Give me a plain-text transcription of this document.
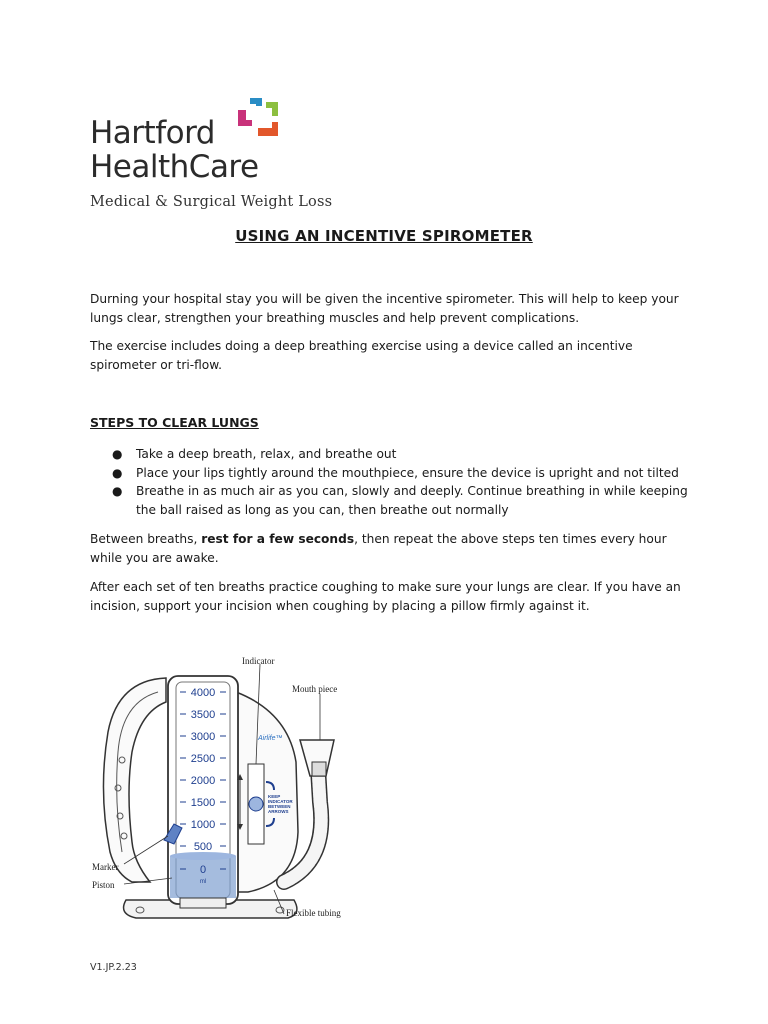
Hartford
HealthCare
Medical & Surgical Weight Loss
USING AN INCENTIVE SPIROMETER
Durning your hospital stay you will be given the incentive spirometer. This will help to keep your lungs clear, strengthen your breathing muscles and help prevent complications.
The exercise includes doing a deep breathing exercise using a device called an incentive spirometer or tri-flow.
STEPS TO CLEAR LUNGS
● Take a deep breath, relax, and breathe out
● Place your lips tightly around the mouthpiece, ensure the device is upright and not tilted
● Breathe in as much air as you can, slowly and deeply. Continue breathing in while keeping the ball raised as long as you can, then breathe out normally
Between breaths, rest for a few seconds, then repeat the above steps ten times every hour while you are awake.
After each set of ten breaths practice coughing to make sure your lungs are clear. If you have an incision, support your incision when coughing by placing a pillow firmly against it.
4000
3500
3000
2500
2000
1500
1000
500
0
ml
KEEP
INDICATOR
BETWEEN
ARROWS
Airlife™
Indicator
Mouth piece
Marker
Piston
Flexible tubing
V1.JP.2.23
